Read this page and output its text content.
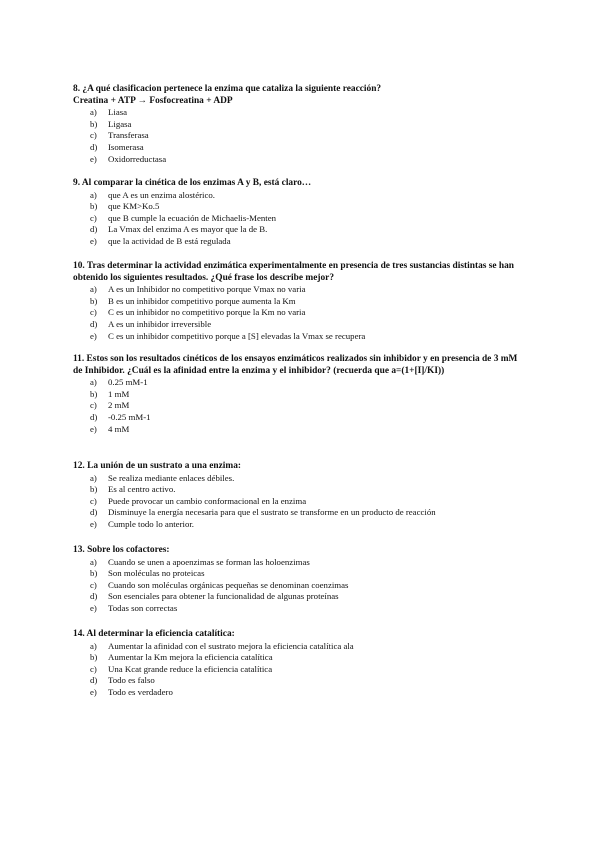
8. ¿A qué clasificacion pertenece la enzima que cataliza la siguiente reacción?

Creatina + ATP → Fosfocreatina + ADP

a) Liasa
b) Ligasa
c) Transferasa
d) Isomerasa
e) Oxidorreductasa

9. Al comparar la cinética de los enzimas A y B, está claro…

a) que A es un enzima alostérico.
b) que KM>Ko.5
c) que B cumple la ecuación de Michaelis-Menten
d) La Vmax del enzima A es mayor que la de B.
e) que la actividad de B está regulada

10. Tras determinar la actividad enzimática experimentalmente en presencia de tres sustancias distintas se han obtenido los siguientes resultados. ¿Qué frase los describe mejor?

a) A es un Inhibidor no competitivo porque Vmax no varia
b) B es un inhibidor competitivo porque aumenta la Km
c) C es un inhibidor no competitivo porque la Km no varia
d) A es un inhibidor irreversible
e) C es un inhibidor competitivo porque a [S] elevadas la Vmax se recupera

11. Estos son los resultados cinéticos de los ensayos enzimáticos realizados sin inhibidor y en presencia de 3 mM de Inhibidor. ¿Cuál es la afinidad entre la enzima y el inhibidor? (recuerda que a=(1+[I]/KI))

a) 0.25 mM-1
b) 1 mM
c) 2 mM
d) -0.25 mM-1
e) 4 mM

12. La unión de un sustrato a una enzima:

a) Se realiza mediante enlaces débiles.
b) Es al centro activo.
c) Puede provocar un cambio conformacional en la enzima
d) Disminuye la energía necesaria para que el sustrato se transforme en un producto de reacción
e) Cumple todo lo anterior.

13. Sobre los cofactores:

a) Cuando se unen a apoenzimas se forman las holoenzimas
b) Son moléculas no proteicas
c) Cuando son moléculas orgánicas pequeñas se denominan coenzimas
d) Son esenciales para obtener la funcionalidad de algunas proteínas
e) Todas son correctas

14. Al determinar la eficiencia catalítica:

a) Aumentar la afinidad con el sustrato mejora la eficiencia catalítica ala
b) Aumentar la Km mejora la eficiencia catalítica
c) Una Kcat grande reduce la eficiencia catalítica
d) Todo es falso
e) Todo es verdadero
